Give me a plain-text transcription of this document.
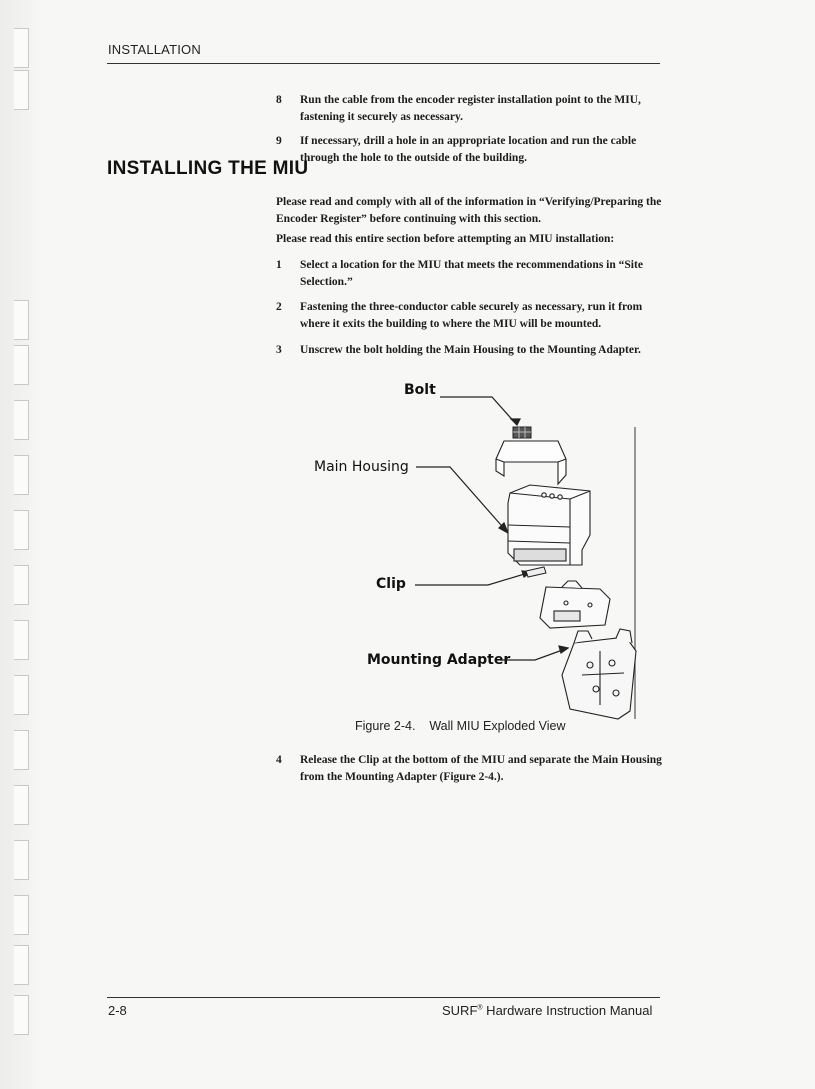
INSTALLATION
8 Run the cable from the encoder register installation point to the MIU, fastening it securely as necessary.
9 If necessary, drill a hole in an appropriate location and run the cable through the hole to the outside of the building.
INSTALLING THE MIU
Please read and comply with all of the information in “Verifying/Preparing the Encoder Register” before continuing with this section.
Please read this entire section before attempting an MIU installation:
1 Select a location for the MIU that meets the recommendations in “Site Selection.”
2 Fastening the three-conductor cable securely as necessary, run it from where it exits the building to where the MIU will be mounted.
3 Unscrew the bolt holding the Main Housing to the Mounting Adapter.
Bolt
Main Housing
Clip
Mounting Adapter
Figure 2-4.    Wall MIU Exploded View
4 Release the Clip at the bottom of the MIU and separate the Main Housing from the Mounting Adapter (Figure 2-4.).
2-8	SURF® Hardware Instruction Manual
